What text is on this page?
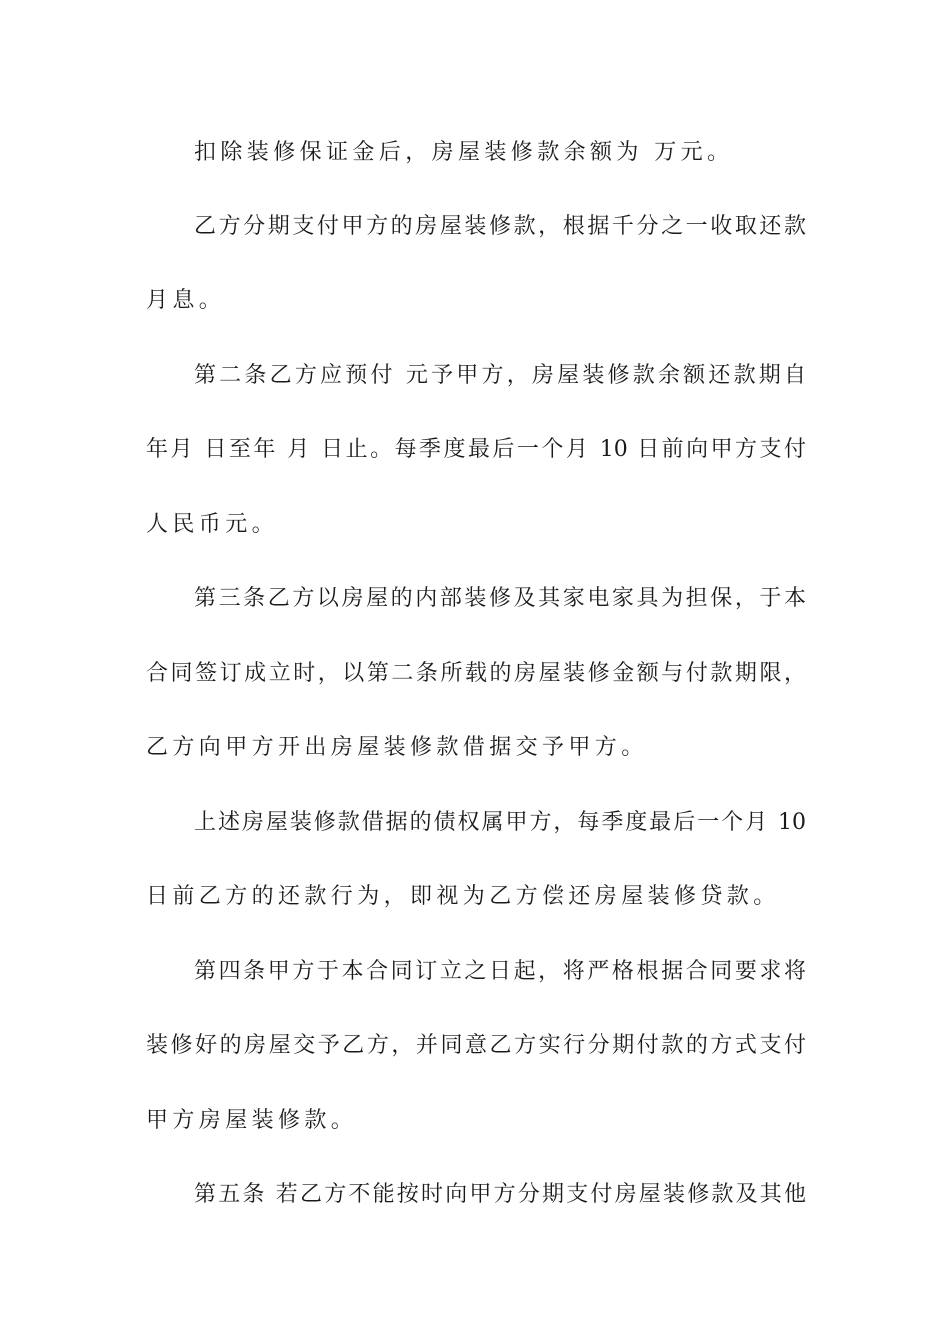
扣除装修保证金后，房屋装修款余额为 万元。

乙方分期支付甲方的房屋装修款，根据千分之一收取还款

月息。

第二条乙方应预付 元予甲方，房屋装修款余额还款期自

年月 日至年 月 日止。每季度最后一个月 10 日前向甲方支付

人民币元。

第三条乙方以房屋的内部装修及其家电家具为担保，于本

合同签订成立时，以第二条所载的房屋装修金额与付款期限，

乙方向甲方开出房屋装修款借据交予甲方。

上述房屋装修款借据的债权属甲方，每季度最后一个月 10

日前乙方的还款行为，即视为乙方偿还房屋装修贷款。

第四条甲方于本合同订立之日起，将严格根据合同要求将

装修好的房屋交予乙方，并同意乙方实行分期付款的方式支付

甲方房屋装修款。

第五条 若乙方不能按时向甲方分期支付房屋装修款及其他
